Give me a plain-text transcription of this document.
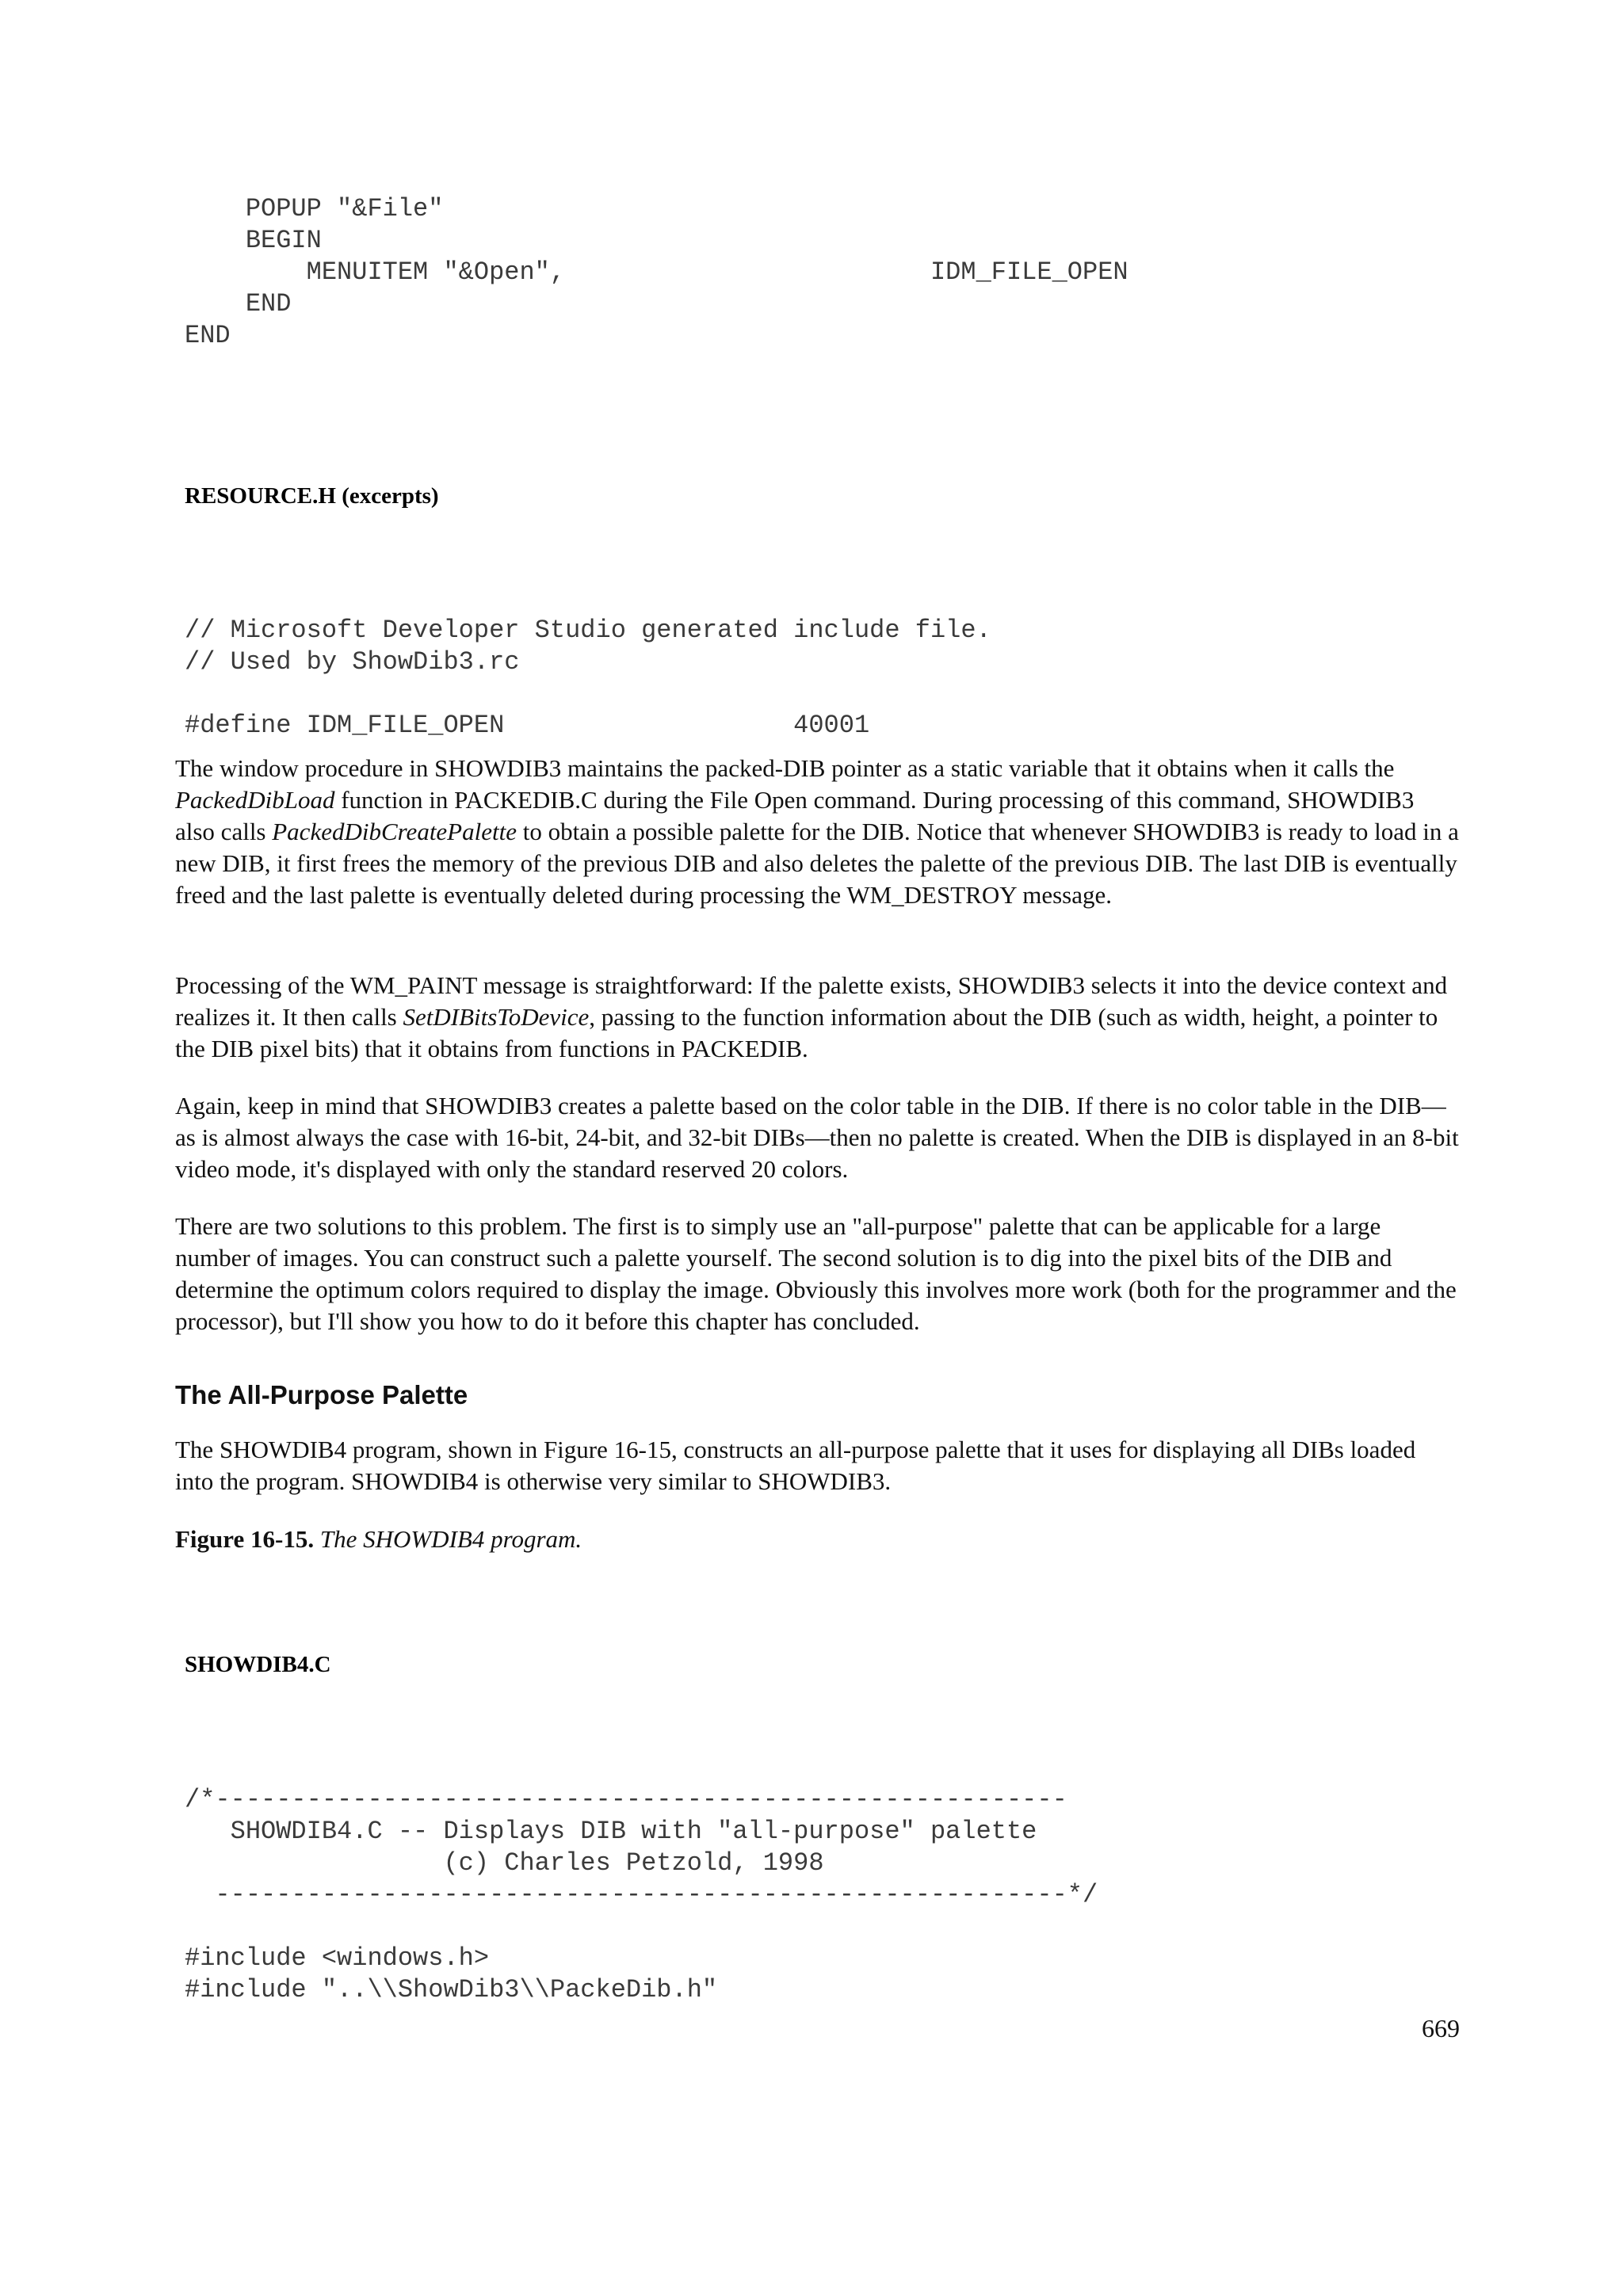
POPUP "&File"
BEGIN
MENUITEM "&Open",                        IDM_FILE_OPEN
END
END

RESOURCE.H (excerpts)

// Microsoft Developer Studio generated include file.
// Used by ShowDib3.rc
#define IDM_FILE_OPEN                   40001

The window procedure in SHOWDIB3 maintains the packed-DIB pointer as a static variable that it obtains when it calls the PackedDibLoad function in PACKEDIB.C during the File Open command. During processing of this command, SHOWDIB3 also calls PackedDibCreatePalette to obtain a possible palette for the DIB. Notice that whenever SHOWDIB3 is ready to load in a new DIB, it first frees the memory of the previous DIB and also deletes the palette of the previous DIB. The last DIB is eventually freed and the last palette is eventually deleted during processing the WM_DESTROY message.

Processing of the WM_PAINT message is straightforward: If the palette exists, SHOWDIB3 selects it into the device context and realizes it. It then calls SetDIBitsToDevice, passing to the function information about the DIB (such as width, height, a pointer to the DIB pixel bits) that it obtains from functions in PACKEDIB.

Again, keep in mind that SHOWDIB3 creates a palette based on the color table in the DIB. If there is no color table in the DIB—as is almost always the case with 16-bit, 24-bit, and 32-bit DIBs—then no palette is created. When the DIB is displayed in an 8-bit video mode, it's displayed with only the standard reserved 20 colors.

There are two solutions to this problem. The first is to simply use an "all-purpose" palette that can be applicable for a large number of images. You can construct such a palette yourself. The second solution is to dig into the pixel bits of the DIB and determine the optimum colors required to display the image. Obviously this involves more work (both for the programmer and the processor), but I'll show you how to do it before this chapter has concluded.

The All-Purpose Palette

The SHOWDIB4 program, shown in Figure 16-15, constructs an all-purpose palette that it uses for displaying all DIBs loaded into the program. SHOWDIB4 is otherwise very similar to SHOWDIB3.

Figure 16-15. The SHOWDIB4 program.

SHOWDIB4.C

/*--------------------------------------------------------
SHOWDIB4.C -- Displays DIB with "all-purpose" palette
(c) Charles Petzold, 1998
--------------------------------------------------------*/
#include <windows.h>
#include "..\\ShowDib3\\PackeDib.h"

669
